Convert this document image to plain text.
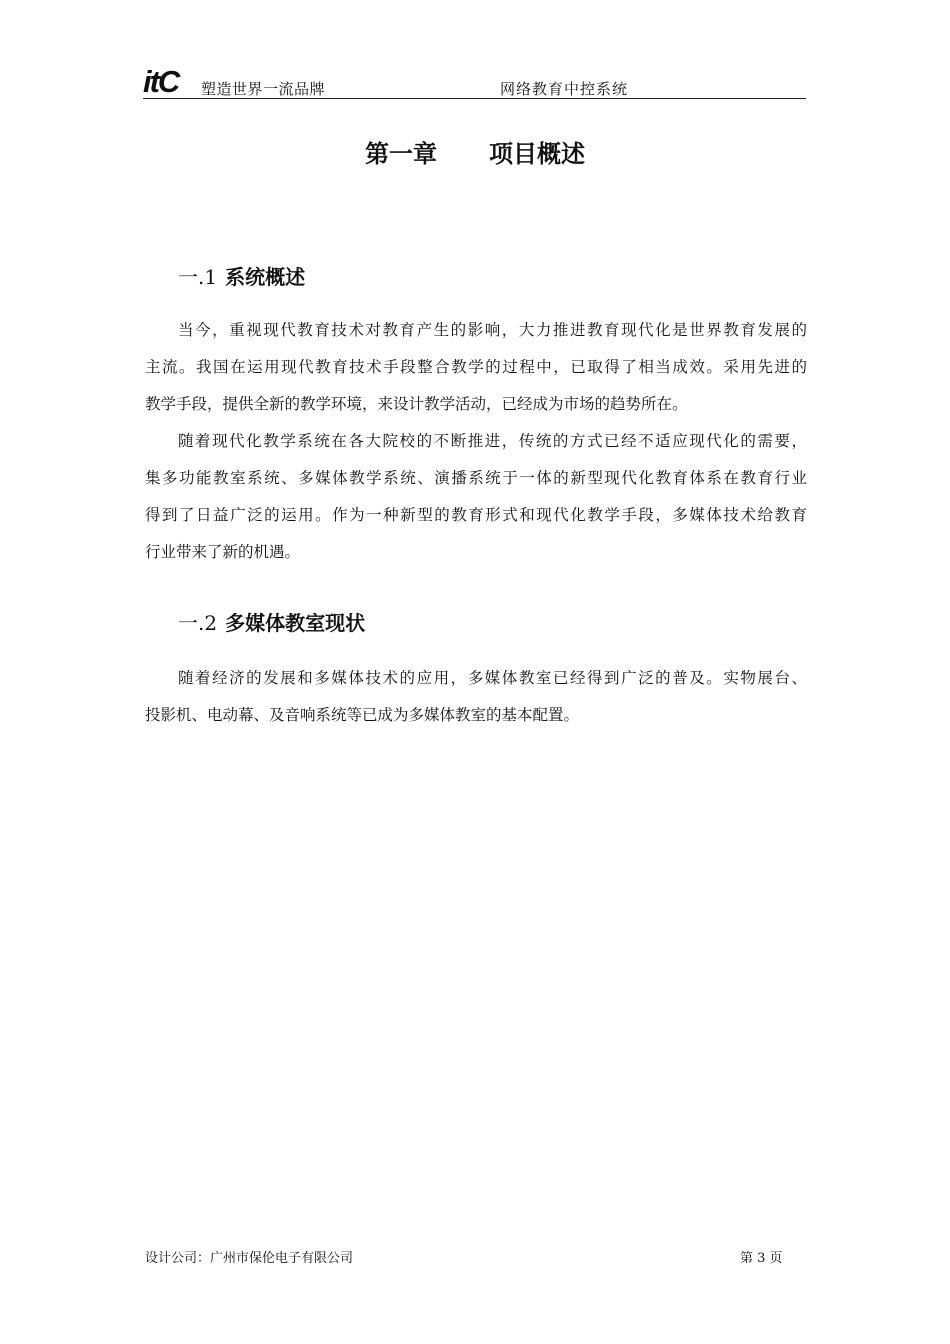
itC 塑造世界一流品牌	网络教育中控系统
第一章 项目概述
一.1 系统概述
当今，重视现代教育技术对教育产生的影响，大力推进教育现代化是世界教育发展的
主流。我国在运用现代教育技术手段整合教学的过程中，已取得了相当成效。采用先进的
教学手段，提供全新的教学环境，来设计教学活动，已经成为市场的趋势所在。
随着现代化教学系统在各大院校的不断推进，传统的方式已经不适应现代化的需要，
集多功能教室系统、多媒体教学系统、演播系统于一体的新型现代化教育体系在教育行业
得到了日益广泛的运用。作为一种新型的教育形式和现代化教学手段，多媒体技术给教育
行业带来了新的机遇。
一.2 多媒体教室现状
随着经济的发展和多媒体技术的应用，多媒体教室已经得到广泛的普及。实物展台、
投影机、电动幕、及音响系统等已成为多媒体教室的基本配置。
设计公司：广州市保伦电子有限公司	第 3 页
